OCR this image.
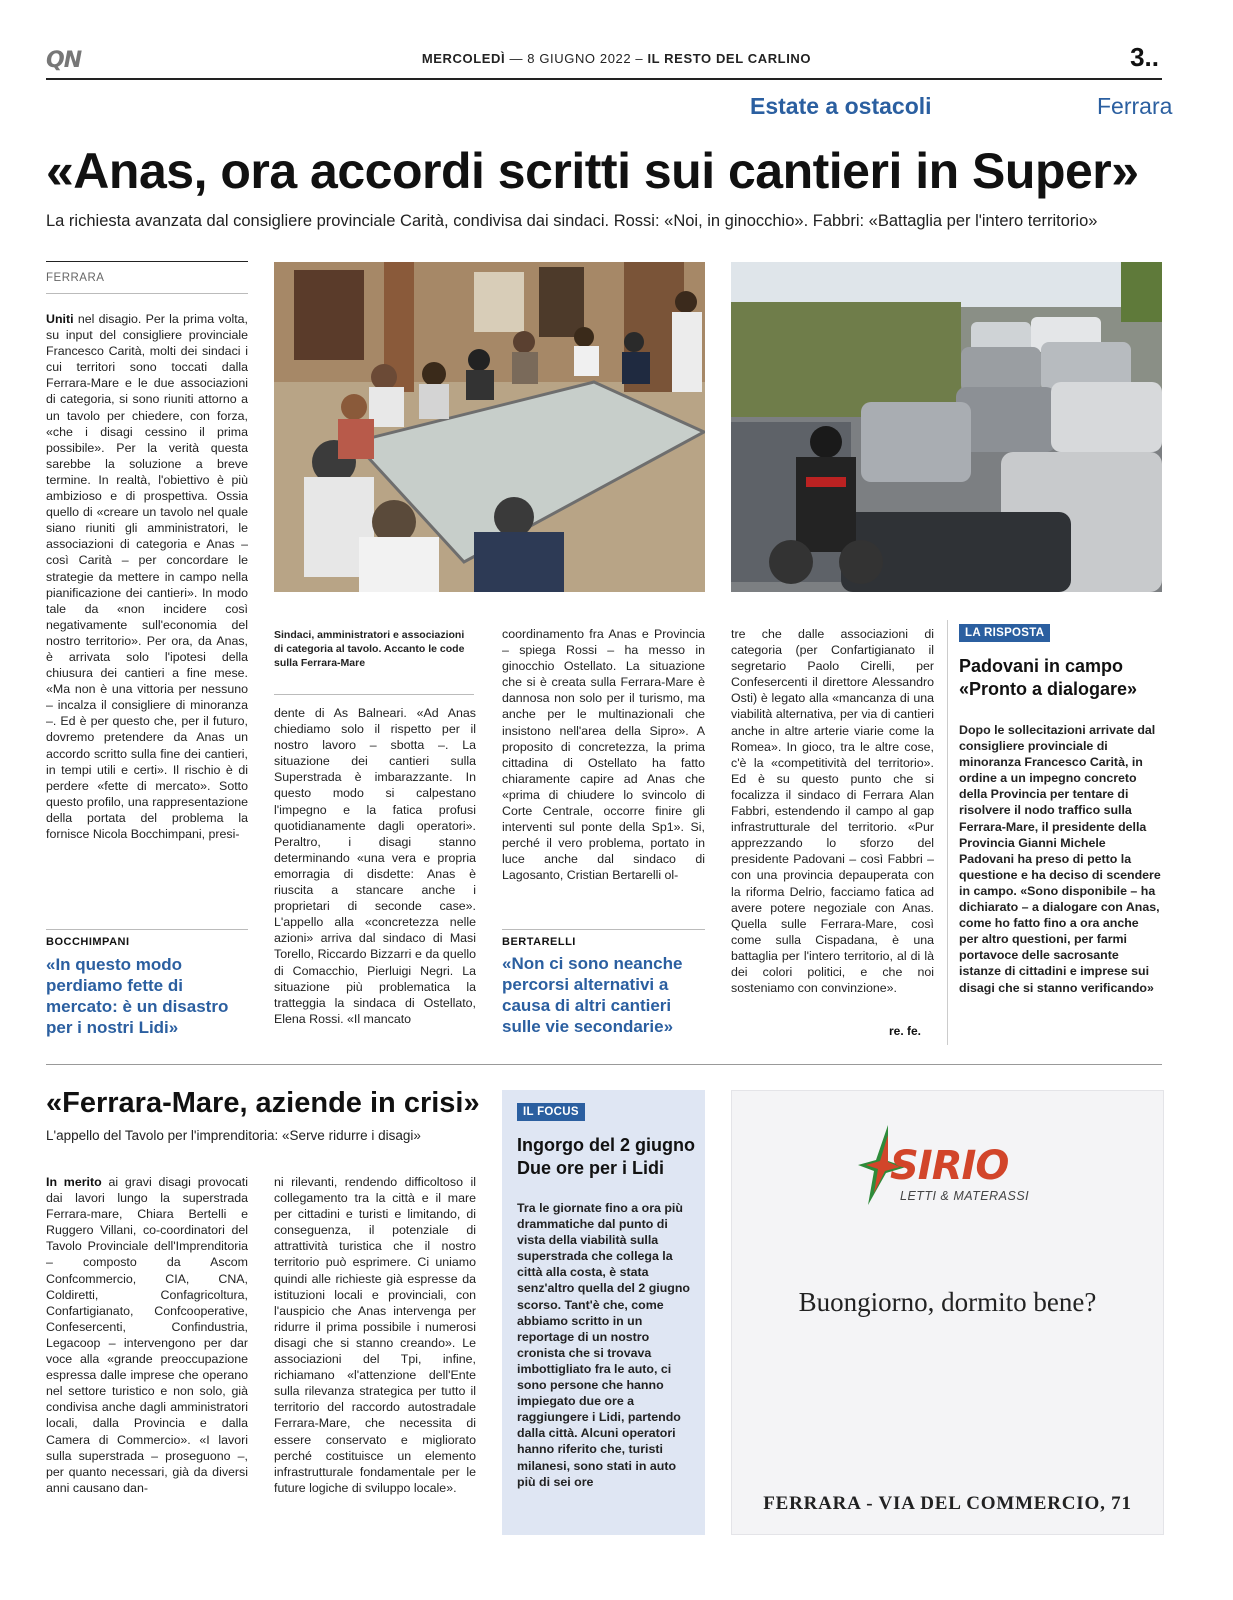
QN	MERCOLEDÌ — 8 GIUGNO 2022 – IL RESTO DEL CARLINO	3..
Estate a ostacoli	Ferrara
«Anas, ora accordi scritti sui cantieri in Super»
La richiesta avanzata dal consigliere provinciale Carità, condivisa dai sindaci. Rossi: «Noi, in ginocchio». Fabbri: «Battaglia per l'intero territorio»
FERRARA
Uniti nel disagio. Per la prima volta, su input del consigliere provinciale Francesco Carità, molti dei sindaci i cui territori sono toccati dalla Ferrara-Mare e le due associazioni di categoria, si sono riuniti attorno a un tavolo per chiedere, con forza, «che i disagi cessino il prima possibile». Per la verità questa sarebbe la soluzione a breve termine. In realtà, l'obiettivo è più ambizioso e di prospettiva. Ossia quello di «creare un tavolo nel quale siano riuniti gli amministratori, le associazioni di categoria e Anas – così Carità – per concordare le strategie da mettere in campo nella pianificazione dei cantieri». In modo tale da «non incidere così negativamente sull'economia del nostro territorio». Per ora, da Anas, è arrivata solo l'ipotesi della chiusura dei cantieri a fine mese. «Ma non è una vittoria per nessuno – incalza il consigliere di minoranza –. Ed è per questo che, per il futuro, dovremo pretendere da Anas un accordo scritto sulla fine dei cantieri, in tempi utili e certi». Il rischio è di perdere «fette di mercato». Sotto questo profilo, una rappresentazione della portata del problema la fornisce Nicola Bocchimpani, presi-
BOCCHIMPANI
«In questo modo perdiamo fette di mercato: è un disastro per i nostri Lidi»
Sindaci, amministratori e associazioni di categoria al tavolo. Accanto le code sulla Ferrara-Mare
dente di As Balneari. «Ad Anas chiediamo solo il rispetto per il nostro lavoro – sbotta –. La situazione dei cantieri sulla Superstrada è imbarazzante. In questo modo si calpestano l'impegno e la fatica profusi quotidianamente dagli operatori». Peraltro, i disagi stanno determinando «una vera e propria emorragia di disdette: Anas è riuscita a stancare anche i proprietari di seconde case». L'appello alla «concretezza nelle azioni» arriva dal sindaco di Masi Torello, Riccardo Bizzarri e da quello di Comacchio, Pierluigi Negri. La situazione più problematica la tratteggia la sindaca di Ostellato, Elena Rossi. «Il mancato
coordinamento fra Anas e Provincia – spiega Rossi – ha messo in ginocchio Ostellato. La situazione che si è creata sulla Ferrara-Mare è dannosa non solo per il turismo, ma anche per le multinazionali che insistono nell'area della Sipro». A proposito di concretezza, la prima cittadina di Ostellato ha fatto chiaramente capire ad Anas che «prima di chiudere lo svincolo di Corte Centrale, occorre finire gli interventi sul ponte della Sp1». Si, perché il vero problema, portato in luce anche dal sindaco di Lagosanto, Cristian Bertarelli ol-
BERTARELLI
«Non ci sono neanche percorsi alternativi a causa di altri cantieri sulle vie secondarie»
tre che dalle associazioni di categoria (per Confartigianato il segretario Paolo Cirelli, per Confesercenti il direttore Alessandro Osti) è legato alla «mancanza di una viabilità alternativa, per via di cantieri anche in altre arterie viarie come la Romea». In gioco, tra le altre cose, c'è la «competitività del territorio». Ed è su questo punto che si focalizza il sindaco di Ferrara Alan Fabbri, estendendo il campo al gap infrastrutturale del territorio. «Pur apprezzando lo sforzo del presidente Padovani – così Fabbri – con una provincia depauperata con la riforma Delrio, facciamo fatica ad avere potere negoziale con Anas. Quella sulle Ferrara-Mare, così come sulla Cispadana, è una battaglia per l'intero territorio, al di là dei colori politici, e che noi sosteniamo con convinzione».
re. fe.
LA RISPOSTA
Padovani in campo «Pronto a dialogare»
Dopo le sollecitazioni arrivate dal consigliere provinciale di minoranza Francesco Carità, in ordine a un impegno concreto della Provincia per tentare di risolvere il nodo traffico sulla Ferrara-Mare, il presidente della Provincia Gianni Michele Padovani ha preso di petto la questione e ha deciso di scendere in campo. «Sono disponibile – ha dichiarato – a dialogare con Anas, come ho fatto fino a ora anche per altro questioni, per farmi portavoce delle sacrosante istanze di cittadini e imprese sui disagi che si stanno verificando»
«Ferrara-Mare, aziende in crisi»
L'appello del Tavolo per l'imprenditoria: «Serve ridurre i disagi»
In merito ai gravi disagi provocati dai lavori lungo la superstrada Ferrara-mare, Chiara Bertelli e Ruggero Villani, co-coordinatori del Tavolo Provinciale dell'Imprenditoria – composto da Ascom Confcommercio, CIA, CNA, Coldiretti, Confagricoltura, Confartigianato, Confcooperative, Confesercenti, Confindustria, Legacoop – intervengono per dar voce alla «grande preoccupazione espressa dalle imprese che operano nel settore turistico e non solo, già condivisa anche dagli amministratori locali, dalla Provincia e dalla Camera di Commercio». «I lavori sulla superstrada – proseguono –, per quanto necessari, già da diversi anni causano dan-
ni rilevanti, rendendo difficoltoso il collegamento tra la città e il mare per cittadini e turisti e limitando, di conseguenza, il potenziale di attrattività turistica che il nostro territorio può esprimere. Ci uniamo quindi alle richieste già espresse da istituzioni locali e provinciali, con l'auspicio che Anas intervenga per ridurre il prima possibile i numerosi disagi che si stanno creando». Le associazioni del Tpi, infine, richiamano «l'attenzione dell'Ente sulla rilevanza strategica per tutto il territorio del raccordo autostradale Ferrara-Mare, che necessita di essere conservato e migliorato perché costituisce un elemento infrastrutturale fondamentale per le future logiche di sviluppo locale».
IL FOCUS
Ingorgo del 2 giugno Due ore per i Lidi
Tra le giornate fino a ora più drammatiche dal punto di vista della viabilità sulla superstrada che collega la città alla costa, è stata senz'altro quella del 2 giugno scorso. Tant'è che, come abbiamo scritto in un reportage di un nostro cronista che si trovava imbottigliato fra le auto, ci sono persone che hanno impiegato due ore a raggiungere i Lidi, partendo dalla città. Alcuni operatori hanno riferito che, turisti milanesi, sono stati in auto più di sei ore
SIRIO
LETTI & MATERASSI
Buongiorno, dormito bene?
FERRARA - VIA DEL COMMERCIO, 71
